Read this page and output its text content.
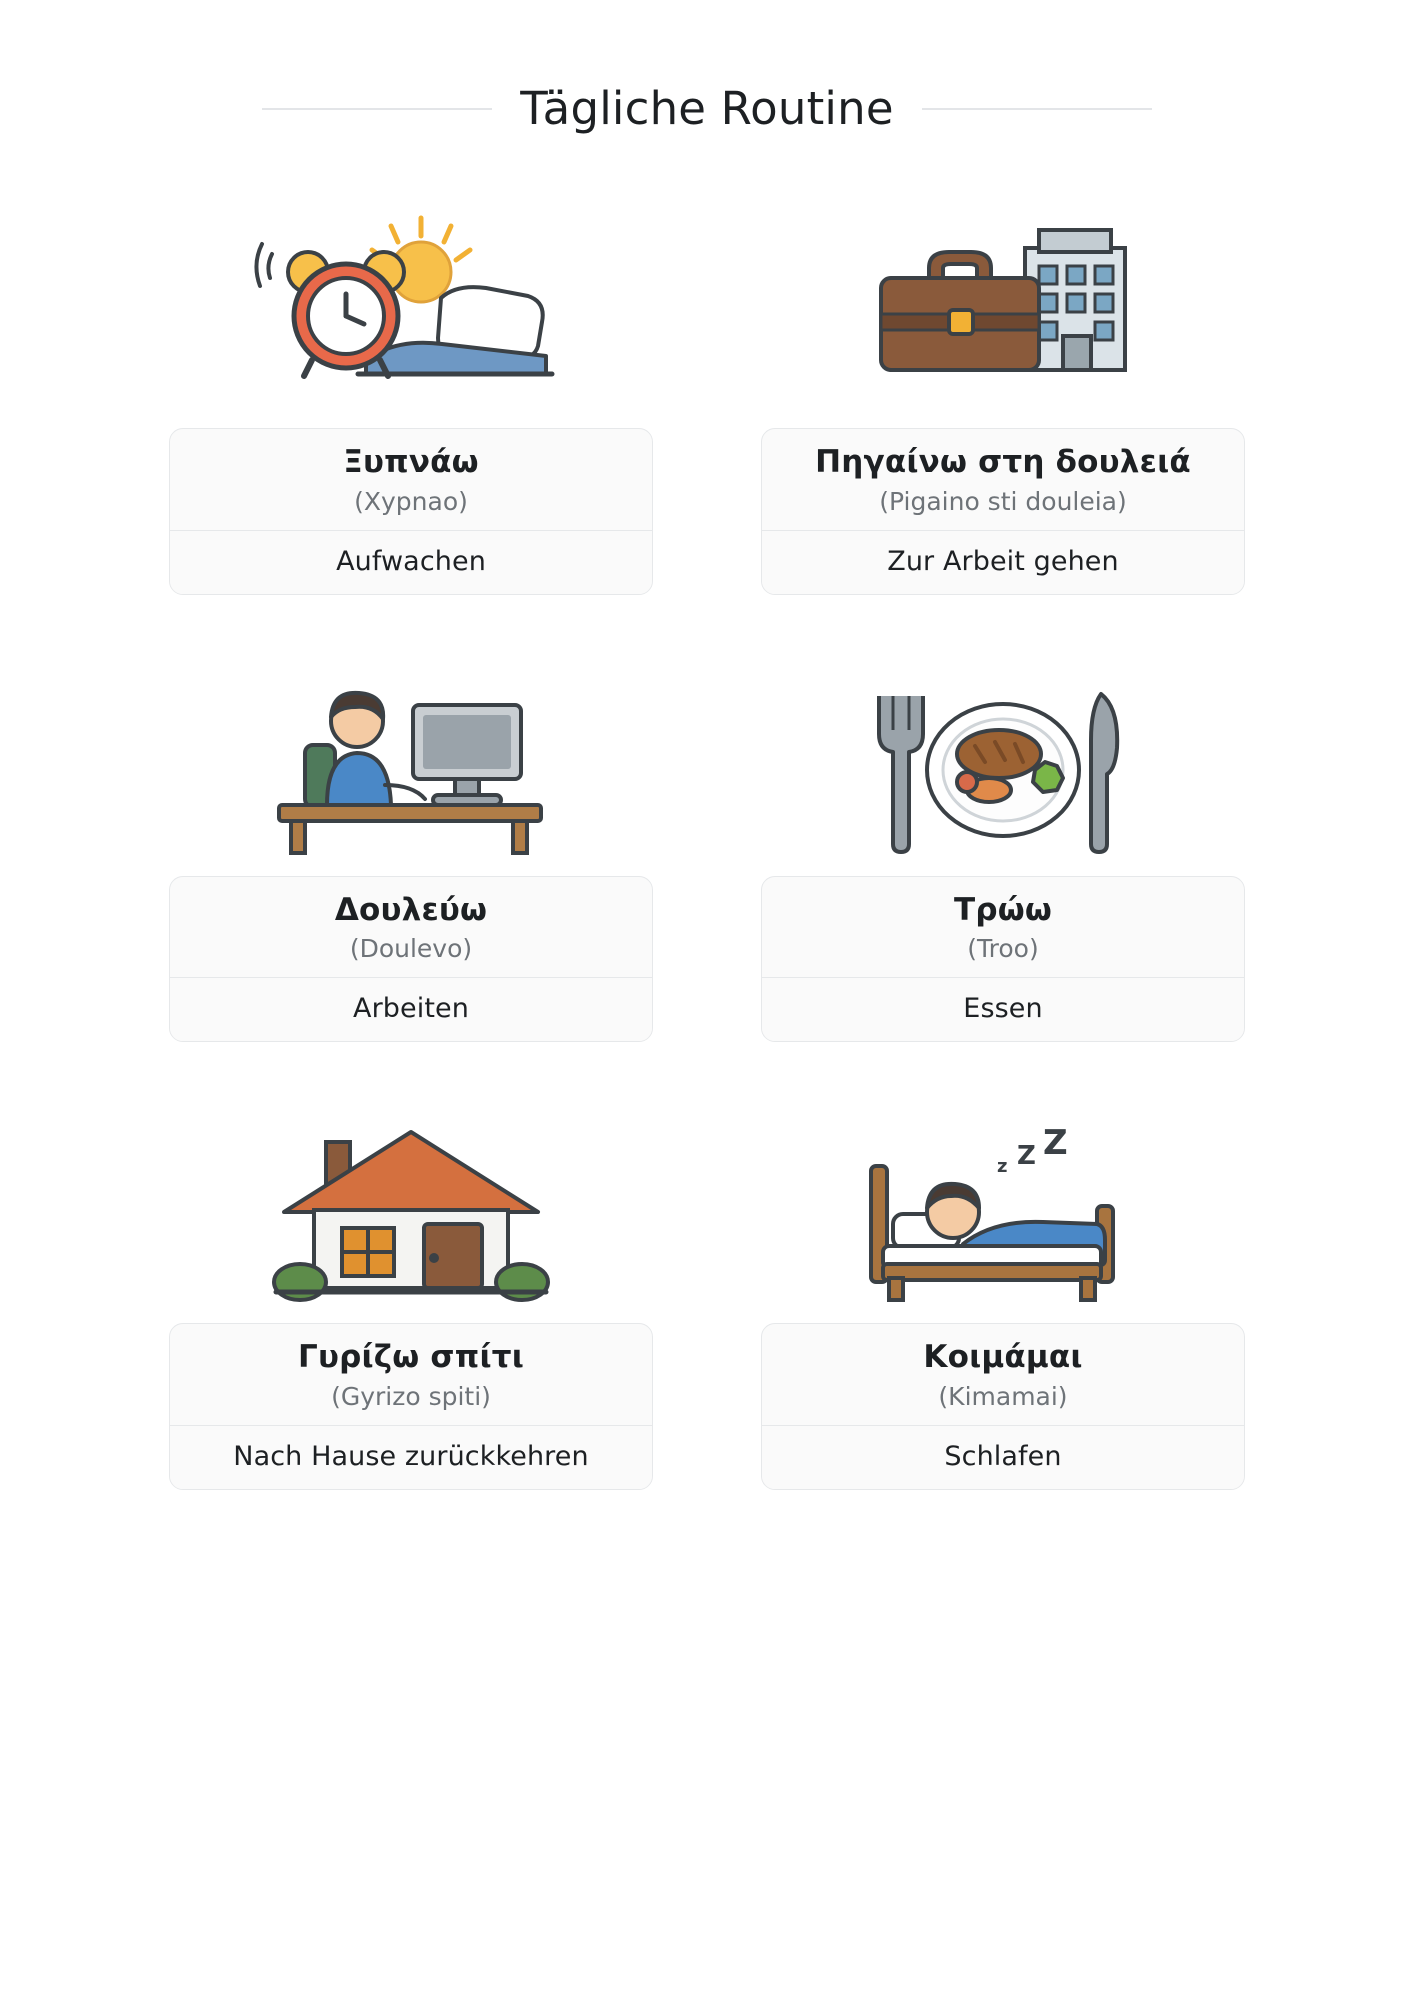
Tägliche Routine
Ξυπνάω
(Xypnao)
Aufwachen
Πηγαίνω στη δουλειά
(Pigaino sti douleia)
Zur Arbeit gehen
Δουλεύω
(Doulevo)
Arbeiten
Τρώω
(Troo)
Essen
Γυρίζω σπίτι
(Gyrizo spiti)
Nach Hause zurückkehren
Z
Z
z
Κοιμάμαι
(Kimamai)
Schlafen
